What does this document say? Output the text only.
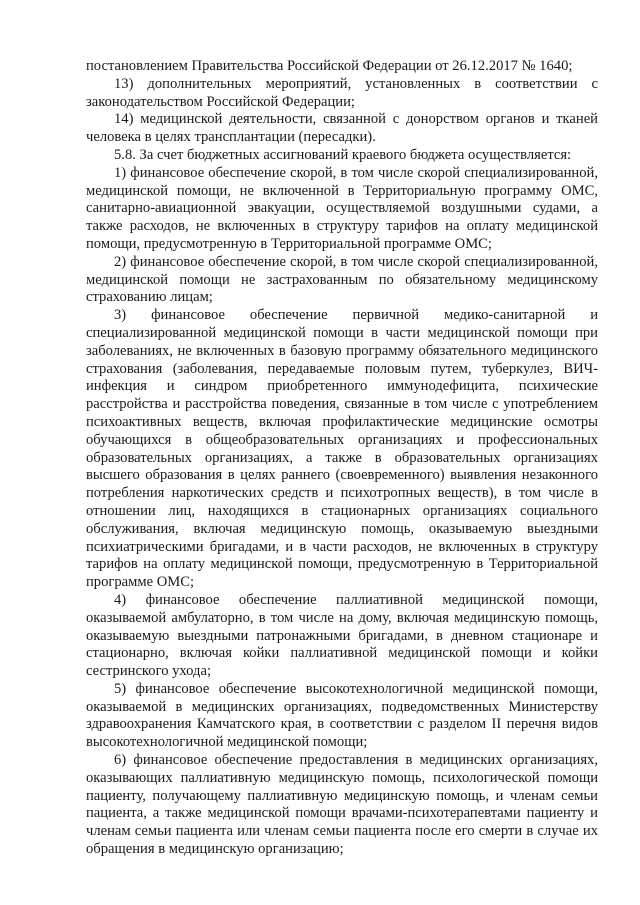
постановлением Правительства Российской Федерации от 26.12.2017 № 1640;

13) дополнительных мероприятий, установленных в соответствии с законодательством Российской Федерации;

14) медицинской деятельности, связанной с донорством органов и тканей человека в целях трансплантации (пересадки).

5.8. За счет бюджетных ассигнований краевого бюджета осуществляется:

1) финансовое обеспечение скорой, в том числе скорой специализированной, медицинской помощи, не включенной в Территориальную программу ОМС, санитарно-авиационной эвакуации, осуществляемой воздушными судами, а также расходов, не включенных в структуру тарифов на оплату медицинской помощи, предусмотренную в Территориальной программе ОМС;

2) финансовое обеспечение скорой, в том числе скорой специализированной, медицинской помощи не застрахованным по обязательному медицинскому страхованию лицам;

3) финансовое обеспечение первичной медико-санитарной и специализированной медицинской помощи в части медицинской помощи при заболеваниях, не включенных в базовую программу обязательного медицинского страхования (заболевания, передаваемые половым путем, туберкулез, ВИЧ-инфекция и синдром приобретенного иммунодефицита, психические расстройства и расстройства поведения, связанные в том числе с употреблением психоактивных веществ, включая профилактические медицинские осмотры обучающихся в общеобразовательных организациях и профессиональных образовательных организациях, а также в образовательных организациях высшего образования в целях раннего (своевременного) выявления незаконного потребления наркотических средств и психотропных веществ), в том числе в отношении лиц, находящихся в стационарных организациях социального обслуживания, включая медицинскую помощь, оказываемую выездными психиатрическими бригадами, и в части расходов, не включенных в структуру тарифов на оплату медицинской помощи, предусмотренную в Территориальной программе ОМС;

4) финансовое обеспечение паллиативной медицинской помощи, оказываемой амбулаторно, в том числе на дому, включая медицинскую помощь, оказываемую выездными патронажными бригадами, в дневном стационаре и стационарно, включая койки паллиативной медицинской помощи и койки сестринского ухода;

5) финансовое обеспечение высокотехнологичной медицинской помощи, оказываемой в медицинских организациях, подведомственных Министерству здравоохранения Камчатского края, в соответствии с разделом II перечня видов высокотехнологичной медицинской помощи;

6) финансовое обеспечение предоставления в медицинских организациях, оказывающих паллиативную медицинскую помощь, психологической помощи пациенту, получающему паллиативную медицинскую помощь, и членам семьи пациента, а также медицинской помощи врачами-психотерапевтами пациенту и членам семьи пациента или членам семьи пациента после его смерти в случае их обращения в медицинскую организацию;
